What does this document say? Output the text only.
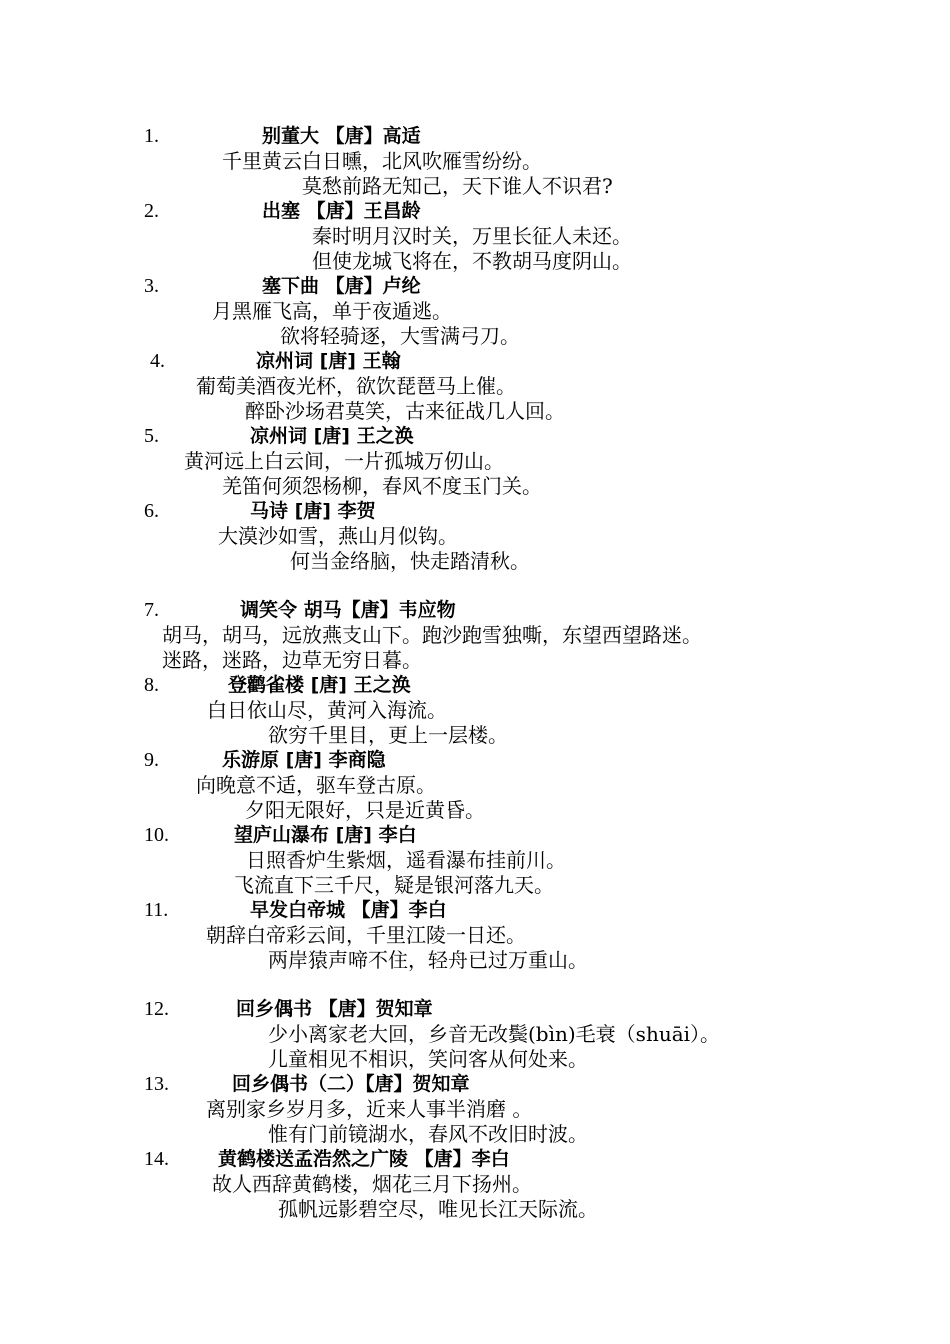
1.	别董大 【唐】高适
千里黄云白日曛，北风吹雁雪纷纷。
莫愁前路无知己，天下谁人不识君?
2.	出塞 【唐】王昌龄
秦时明月汉时关，万里长征人未还。
但使龙城飞将在，不教胡马度阴山。
3.	塞下曲 【唐】卢纶
月黑雁飞高，单于夜遁逃。
欲将轻骑逐，大雪满弓刀。
4.	凉州词 [唐] 王翰
葡萄美酒夜光杯，欲饮琵琶马上催。
醉卧沙场君莫笑，古来征战几人回。
5.	凉州词 [唐] 王之涣
黄河远上白云间，一片孤城万仞山。
羌笛何须怨杨柳，春风不度玉门关。
6.	马诗 [唐] 李贺
大漠沙如雪，燕山月似钩。
何当金络脑，快走踏清秋。
7.	调笑令 胡马【唐】韦应物
胡马，胡马，远放燕支山下。跑沙跑雪独嘶，东望西望路迷。
迷路，迷路，边草无穷日暮。
8.	登鹳雀楼 [唐] 王之涣
白日依山尽，黄河入海流。
欲穷千里目，更上一层楼。
9.	乐游原 [唐] 李商隐
向晚意不适，驱车登古原。
夕阳无限好，只是近黄昏。
10.	望庐山瀑布 [唐] 李白
日照香炉生紫烟，遥看瀑布挂前川。
飞流直下三千尺，疑是银河落九天。
11.	早发白帝城 【唐】李白
朝辞白帝彩云间，千里江陵一日还。
两岸猿声啼不住，轻舟已过万重山。
12.	回乡偶书 【唐】贺知章
少小离家老大回，乡音无改鬓(bìn)毛衰（shuāi）。
儿童相见不相识，笑问客从何处来。
13.	回乡偶书（二）【唐】贺知章
离别家乡岁月多，近来人事半消磨 。
惟有门前镜湖水，春风不改旧时波。
14.	黄鹤楼送孟浩然之广陵 【唐】李白
故人西辞黄鹤楼，烟花三月下扬州。
孤帆远影碧空尽，唯见长江天际流。
